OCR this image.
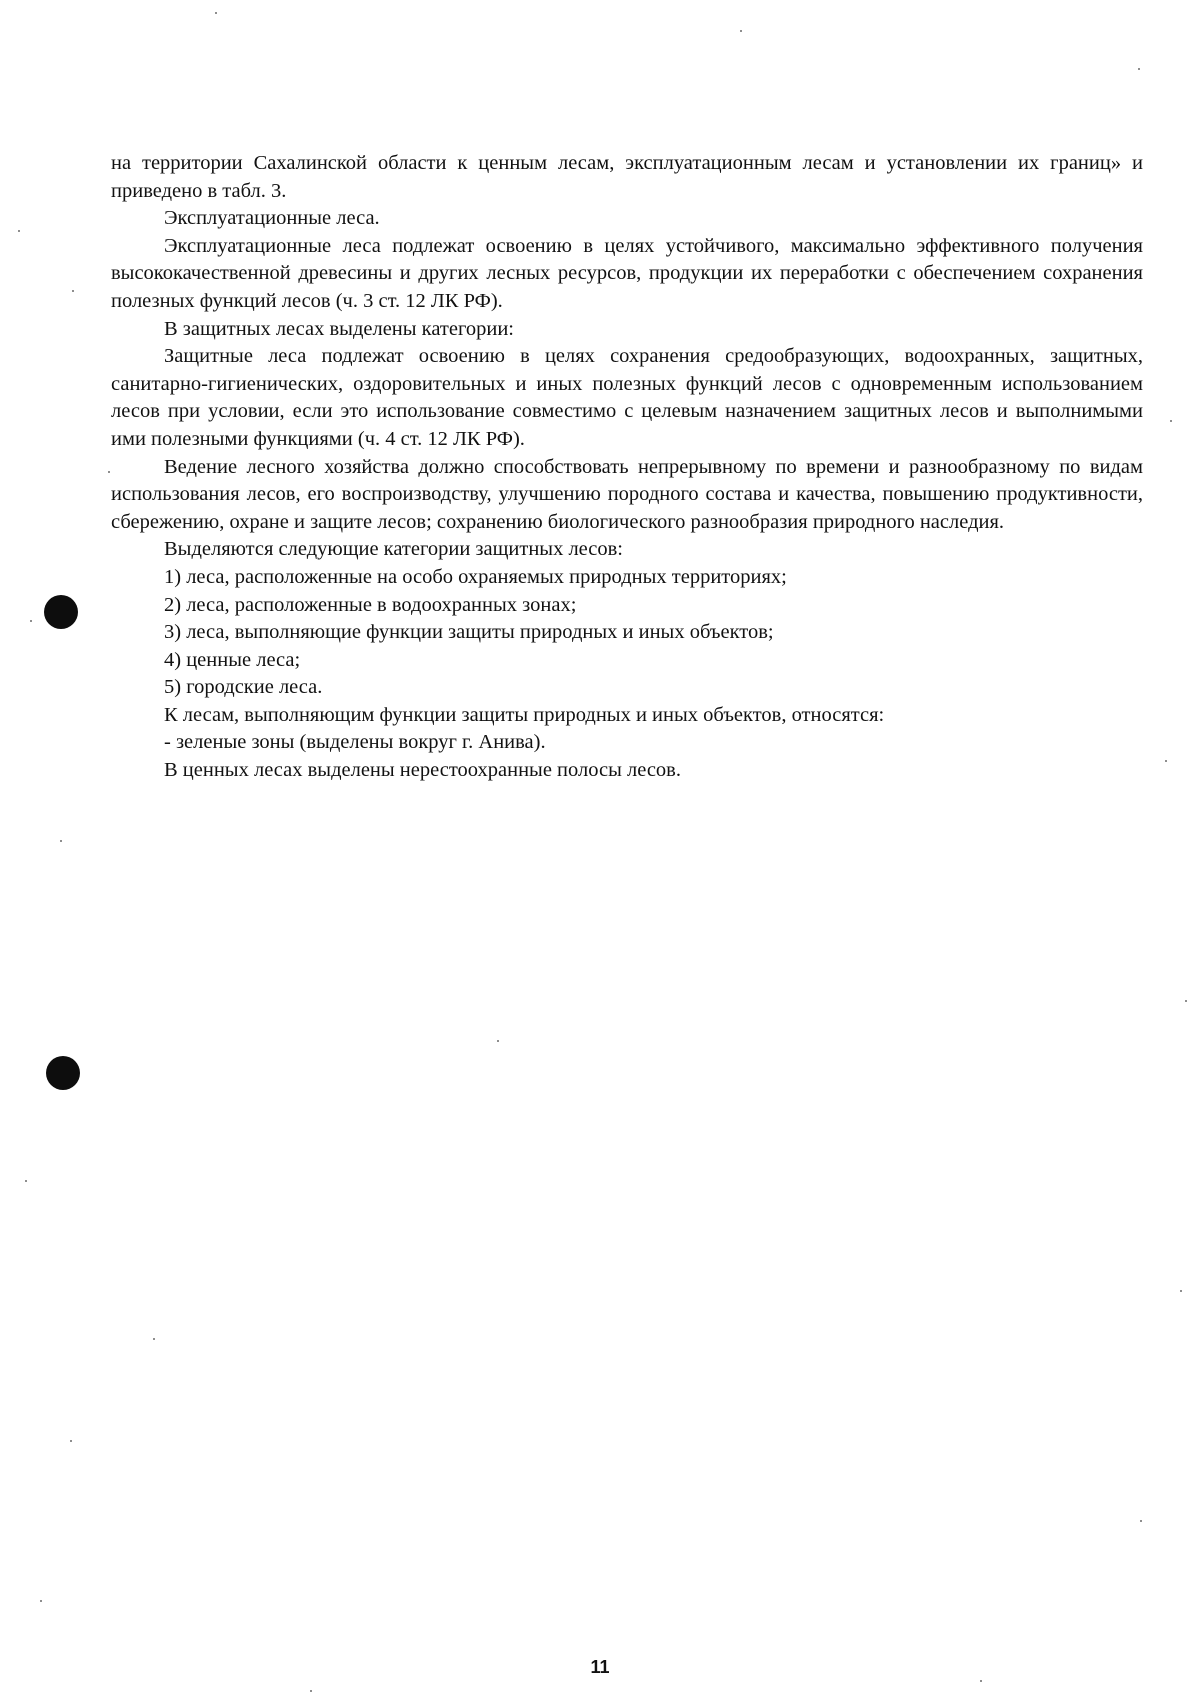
на территории Сахалинской области к ценным лесам, эксплуатационным лесам и установлении их границ» и приведено в табл. 3.

Эксплуатационные леса.

Эксплуатационные леса подлежат освоению в целях устойчивого, максимально эффективного получения высококачественной древесины и других лесных ресурсов, продукции их переработки с обеспечением сохранения полезных функций лесов (ч. 3 ст. 12 ЛК РФ).

В защитных лесах выделены категории:

Защитные леса подлежат освоению в целях сохранения средообразующих, водоохранных, защитных, санитарно-гигиенических, оздоровительных и иных полезных функций лесов с одновременным использованием лесов при условии, если это использование совместимо с целевым назначением защитных лесов и выполнимыми ими полезными функциями (ч. 4 ст. 12 ЛК РФ).

Ведение лесного хозяйства должно способствовать непрерывному по времени и разнообразному по видам использования лесов, его воспроизводству, улучшению породного состава и качества, повышению продуктивности, сбережению, охране и защите лесов; сохранению биологического разнообразия природного наследия.

Выделяются следующие категории защитных лесов:

1) леса, расположенные на особо охраняемых природных территориях;

2) леса, расположенные в водоохранных зонах;

3) леса, выполняющие функции защиты природных и иных объектов;

4) ценные леса;

5) городские леса.

К лесам, выполняющим функции защиты природных и иных объектов, относятся:

- зеленые зоны (выделены вокруг г. Анива).

В ценных лесах выделены нерестоохранные полосы лесов.

11
